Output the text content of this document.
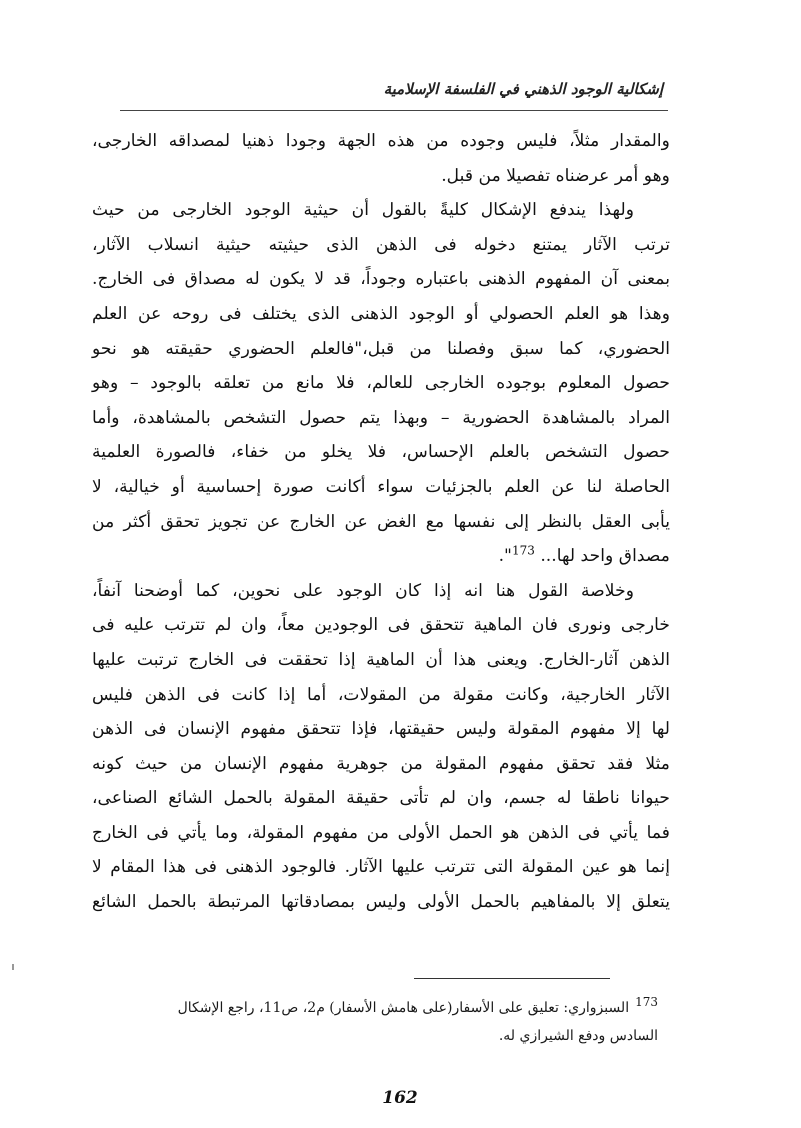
إشكالية الوجود الذهني في الفلسفة الإسلامية
والمقدار مثلاً، فليس وجوده من هذه الجهة وجودا ذهنيا لمصداقه الخارجى،
وهو أمر عرضناه تفصيلا من قبل.
ولهذا يندفع الإشكال كليةً بالقول أن حيثية الوجود الخارجى من حيث
ترتب الآثار يمتنع دخوله فى الذهن الذى حيثيته حيثية انسلاب الآثار،
بمعنى آن المفهوم الذهنى باعتباره وجوداً، قد لا يكون له مصداق فى الخارج.
وهذا هو العلم الحصولي أو الوجود الذهنى الذى يختلف فى روحه عن العلم
الحضوري، كما سبق وفصلنا من قبل،"فالعلم الحضوري حقيقته هو نحو
حصول المعلوم بوجوده الخارجى للعالم، فلا مانع من تعلقه بالوجود – وهو
المراد بالمشاهدة الحضورية – وبهذا يتم حصول التشخص بالمشاهدة، وأما
حصول التشخص بالعلم الإحساس، فلا يخلو من خفاء، فالصورة العلمية
الحاصلة لنا عن العلم بالجزئيات سواء أكانت صورة إحساسية أو خيالية، لا
يأبى العقل بالنظر إلى نفسها مع الغض عن الخارج عن تجويز تحقق أكثر من
مصداق واحد لها... $^{173}$".
وخلاصة القول هنا انه إذا كان الوجود على نحوين، كما أوضحنا آنفاً،
خارجى ونورى فان الماهية تتحقق فى الوجودين معاً، وان لم تترتب عليه فى
الذهن آثار-الخارج. ويعنى هذا أن الماهية إذا تحققت فى الخارج ترتبت عليها
الآثار الخارجية، وكانت مقولة من المقولات، أما إذا كانت فى الذهن فليس
لها إلا مفهوم المقولة وليس حقيقتها، فإذا تتحقق مفهوم الإنسان فى الذهن
مثلا فقد تحقق مفهوم المقولة من جوهرية مفهوم الإنسان من حيث كونه
حيوانا ناطقا له جسم، وان لم تأتى حقيقة المقولة بالحمل الشائع الصناعى،
فما يأتي فى الذهن هو الحمل الأولى من مفهوم المقولة، وما يأتي فى الخارج
إنما هو عين المقولة التى تترتب عليها الآثار. فالوجود الذهنى فى هذا المقام لا
يتعلق إلا بالمفاهيم بالحمل الأولى وليس بمصادقاتها المرتبطة بالحمل الشائع
173السبزواري: تعليق على الأسفار(على هامش الأسفار) م2، ص11، راجع الإشكال
السادس ودفع الشيرازي له.
162
